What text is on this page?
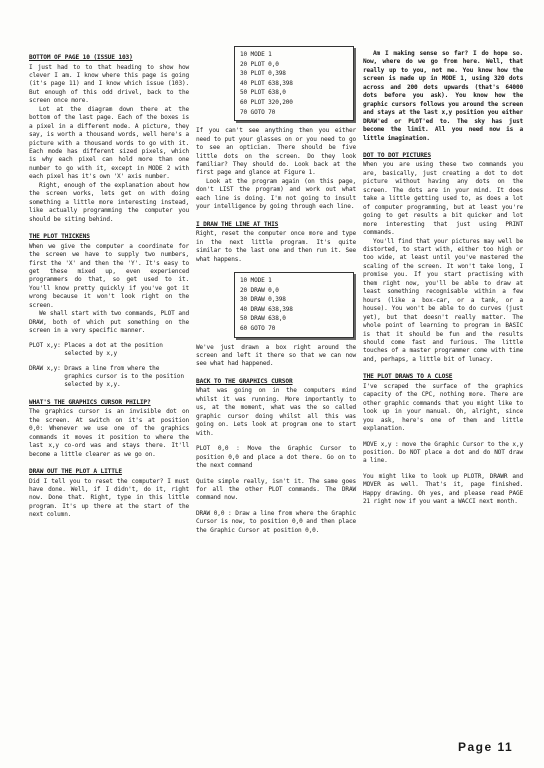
BOTTOM OF PAGE 10 (ISSUE 103)

I just had to to that heading to show how clever I am. I know where this page is going (it's page 11) and I know which issue (103). But enough of this odd drivel, back to the screen once more.

Lot at the diagram down there at the bottom of the last page. Each of the boxes is a pixel in a different mode. A picture, they say, is worth a thousand words, well here's a picture with a thousand words to go with it. Each mode has different sized pixels, which is why each pixel can hold more than one number to go with it, except in MODE 2 with each pixel has it's own 'X' axis number.

Right, enough of the explanation about how the screen works, lets get on with doing something a little more interesting instead, like actually programming the computer you should be siting behind.

THE PLOT THICKENS

When we give the computer a coordinate for the screen we have to supply two numbers, first the 'X' and then the 'Y'. It's easy to get these mixed up, even experienced programmers do that, so get used to it. You'll know pretty quickly if you've got it wrong because it won't look right on the screen.

We shall start with two commands, PLOT and DRAW, both of which put something on the screen in a very specific manner.

PLOT x,y: Places a dot at the position selected by x,y
DRAW x,y: Draws a line from where the graphics cursor is to the position selected by x,y.
WHAT'S THE GRAPHICS CURSOR PHILIP?

The graphics cursor is an invisible dot on the screen. At switch on it's at position 0,0: Whenever we use one of the graphics commands it moves it position to where the last x,y co-ord was and stays there. It'll become a little clearer as we go on.

DRAW OUT THE PLOT A LITTLE

Did I tell you to reset the computer? I must have done. Well, if I didn't, do it, right now. Done that. Right, type in this little program. It's up there at the start of the next column.

10 MODE 1
20 PLOT 0,0
30 PLOT 0,398
40 PLOT 638,398
50 PLOT 638,0
60 PLOT 320,200
70 GOTO 70

If you can't see anything then you either need to put your glasses on or you need to go to see an optician. There should be five little dots on the screen. Do they look familiar? They should do. Look back at the first page and glance at Figure 1.

Look at the program again (on this page, don't LIST the program) and work out what each line is doing. I'm not going to insult your intelligence by going through each line.

I DRAW THE LINE AT THIS

Right, reset the computer once more and type in the next little program. It's quite similar to the last one and then run it. See what happens.

10 MODE 1
20 DRAW 0,0
30 DRAW 0,398
40 DRAW 638,398
50 DRAW 638,0
60 GOTO 70

We've just drawn a box right around the screen and left it there so that we can now see what had happened.

BACK TO THE GRAPHICS CURSOR

What was going on in the computers mind whilst it was running. More importantly to us, at the moment, what was the so called graphic cursor doing whilst all this was going on. Lets look at program one to start with.

PLOT 0,0 : Move the Graphic Cursor to position 0,0 and place a dot there. Go on to the next command

Quite simple really, isn't it. The same goes for all the other PLOT commands. The DRAW command now.

DRAW 0,0 : Draw a line from where the Graphic Cursor is now, to position 0,0 and then place the Graphic Cursor at position 0,0.

Am I making sense so far? I do hope so. Now, where do we go from here. Well, that really up to you, not me. You know how the screen is made up in MODE 1, using 320 dots across and 200 dots upwards (that's 64000 dots before you ask). You know how the graphic cursors follows you around the screen and stays at the last x,y position you either DRAW'ed or PLOT'ed to. The sky has just become the limit. All you need now is a little imagination.

DOT TO DOT PICTURES

When you are using these two commands you are, basically, just creating a dot to dot picture without having any dots on the screen. The dots are in your mind. It does take a little getting used to, as does a lot of computer programming, but at least you're going to get results a bit quicker and lot more interesting that just using PRINT commands.

You'll find that your pictures may well be distorted, to start with, either too high or too wide, at least until you've mastered the scaling of the screen. It won't take long, I promise you. If you start practising with them right now, you'll be able to draw at least something recognisable within a few hours (like a box-car, or a tank, or a house). You won't be able to do curves (just yet), but that doesn't really matter. The whole point of learning to program in BASIC is that it should be fun and the results should come fast and furious. The little touches of a master programmer come with time and, perhaps, a little bit of lunacy.

THE PLOT DRAWS TO A CLOSE

I've scraped the surface of the graphics capacity of the CPC, nothing more. There are other graphic commands that you might like to look up in your manual. Oh, alright, since you ask, here's one of them and little explanation.

MOVE x,y : move the Graphic Cursor to the x,y position. Do NOT place a dot and do NOT draw a line.

You might like to look up PLOTR, DRAWR and MOVER as well. That's it, page finished. Happy drawing. Oh yes, and please read PAGE 21 right now if you want a WACCI next month.

Page 11
